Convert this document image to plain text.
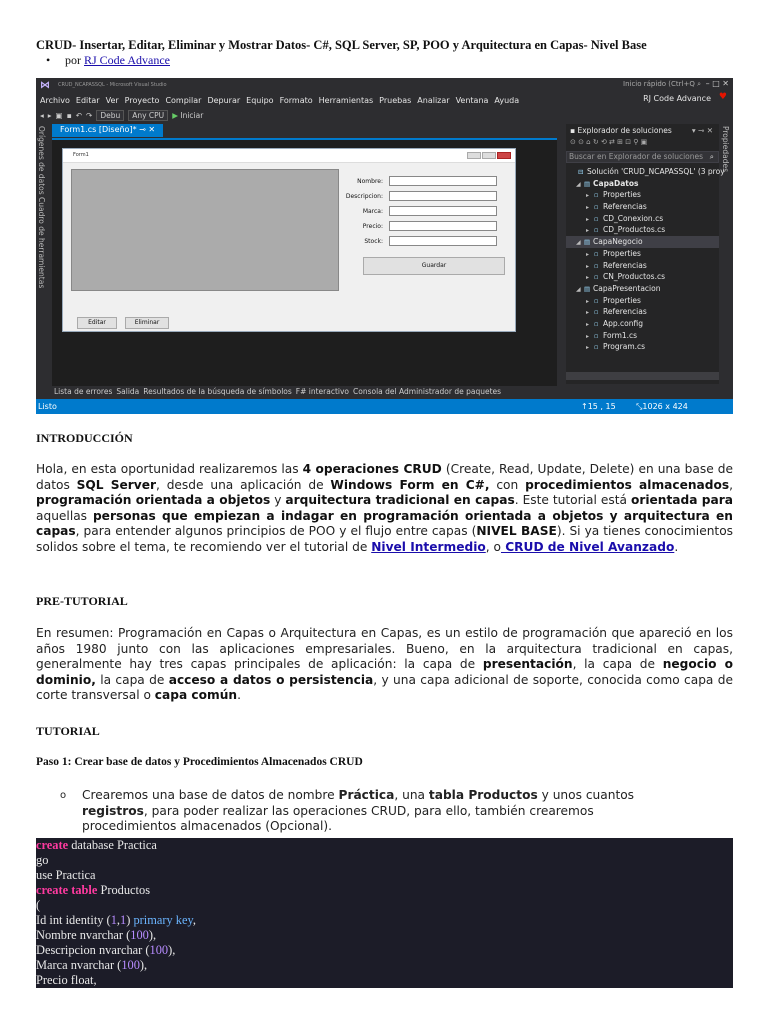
CRUD- Insertar, Editar, Eliminar y Mostrar Datos- C#, SQL Server, SP, POO y Arquitectura en Capas- Nivel Base
• por RJ Code Advance
⋈ CRUD_NCAPASSQL - Microsoft Visual Studio	Inicio rápido (Ctrl+Q ⌕ – □ ✕
Archivo Editar Ver Proyecto Compilar Depurar Equipo Formato Herramientas Pruebas Analizar Ventana Ayuda	RJ Code Advance ♥
◂ ▸ ▣ ▪ ↶ ↷	Debu	Any CPU	▶ Iniciar
Orígenes de datos Cuadro de herramientas	Form1.cs [Diseño]* ⊸ ✕
Form1
Nombre:
Descripcion:
Marca:
Precio:
Stock:
Guardar
Editar	Eliminar
Lista de errores Salida Resultados de la búsqueda de símbolos F# interactivo Consola del Administrador de paquetes
Listo	↑15 , 15	⤡1026 x 424
▪ Explorador de soluciones	▾ ⊸ ✕
⊙ ⊙ ⌂ ↻ ⟲ ⇄ ⊞ ⊡ ⚲ ▣
Buscar en Explorador de soluciones ⌕
⊟ Solución 'CRUD_NCAPASSQL' (3 proy
◢ ▤ CapaDatos
▸ ▫ Properties
▸ ▫ Referencias
▸ ▫ CD_Conexion.cs
▸ ▫ CD_Productos.cs
◢ ▤ CapaNegocio
▸ ▫ Properties
▸ ▫ Referencias
▸ ▫ CN_Productos.cs
◢ ▤ CapaPresentacion
▸ ▫ Properties
▸ ▫ Referencias
▸ ▫ App.config
▸ ▫ Form1.cs
▸ ▫ Program.cs
Propiedades
INTRODUCCIÓN
Hola, en esta oportunidad realizaremos las 4 operaciones CRUD (Create, Read, Update, Delete) en una base de datos SQL Server, desde una aplicación de Windows Form en C#, con procedimientos almacenados, programación orientada a objetos y arquitectura tradicional en capas. Este tutorial está orientada para aquellas personas que empiezan a indagar en programación orientada a objetos y arquitectura en capas, para entender algunos principios de POO y el flujo entre capas (NIVEL BASE). Si ya tienes conocimientos solidos sobre el tema, te recomiendo ver el tutorial de Nivel Intermedio, o CRUD de Nivel Avanzado.
PRE-TUTORIAL
En resumen: Programación en Capas o Arquitectura en Capas, es un estilo de programación que apareció en los años 1980 junto con las aplicaciones empresariales. Bueno, en la arquitectura tradicional en capas, generalmente hay tres capas principales de aplicación: la capa de presentación, la capa de negocio o dominio, la capa de acceso a datos o persistencia, y una capa adicional de soporte, conocida como capa de corte transversal o capa común.
TUTORIAL
Paso 1: Crear base de datos y Procedimientos Almacenados CRUD
o Crearemos una base de datos de nombre Práctica, una tabla Productos y unos cuantos registros, para poder realizar las operaciones CRUD, para ello, también crearemos procedimientos almacenados (Opcional).
create database Practica
go
use Practica
create table Productos
(
Id int identity (1,1) primary key,
Nombre nvarchar (100),
Descripcion nvarchar (100),
Marca nvarchar (100),
Precio float,
